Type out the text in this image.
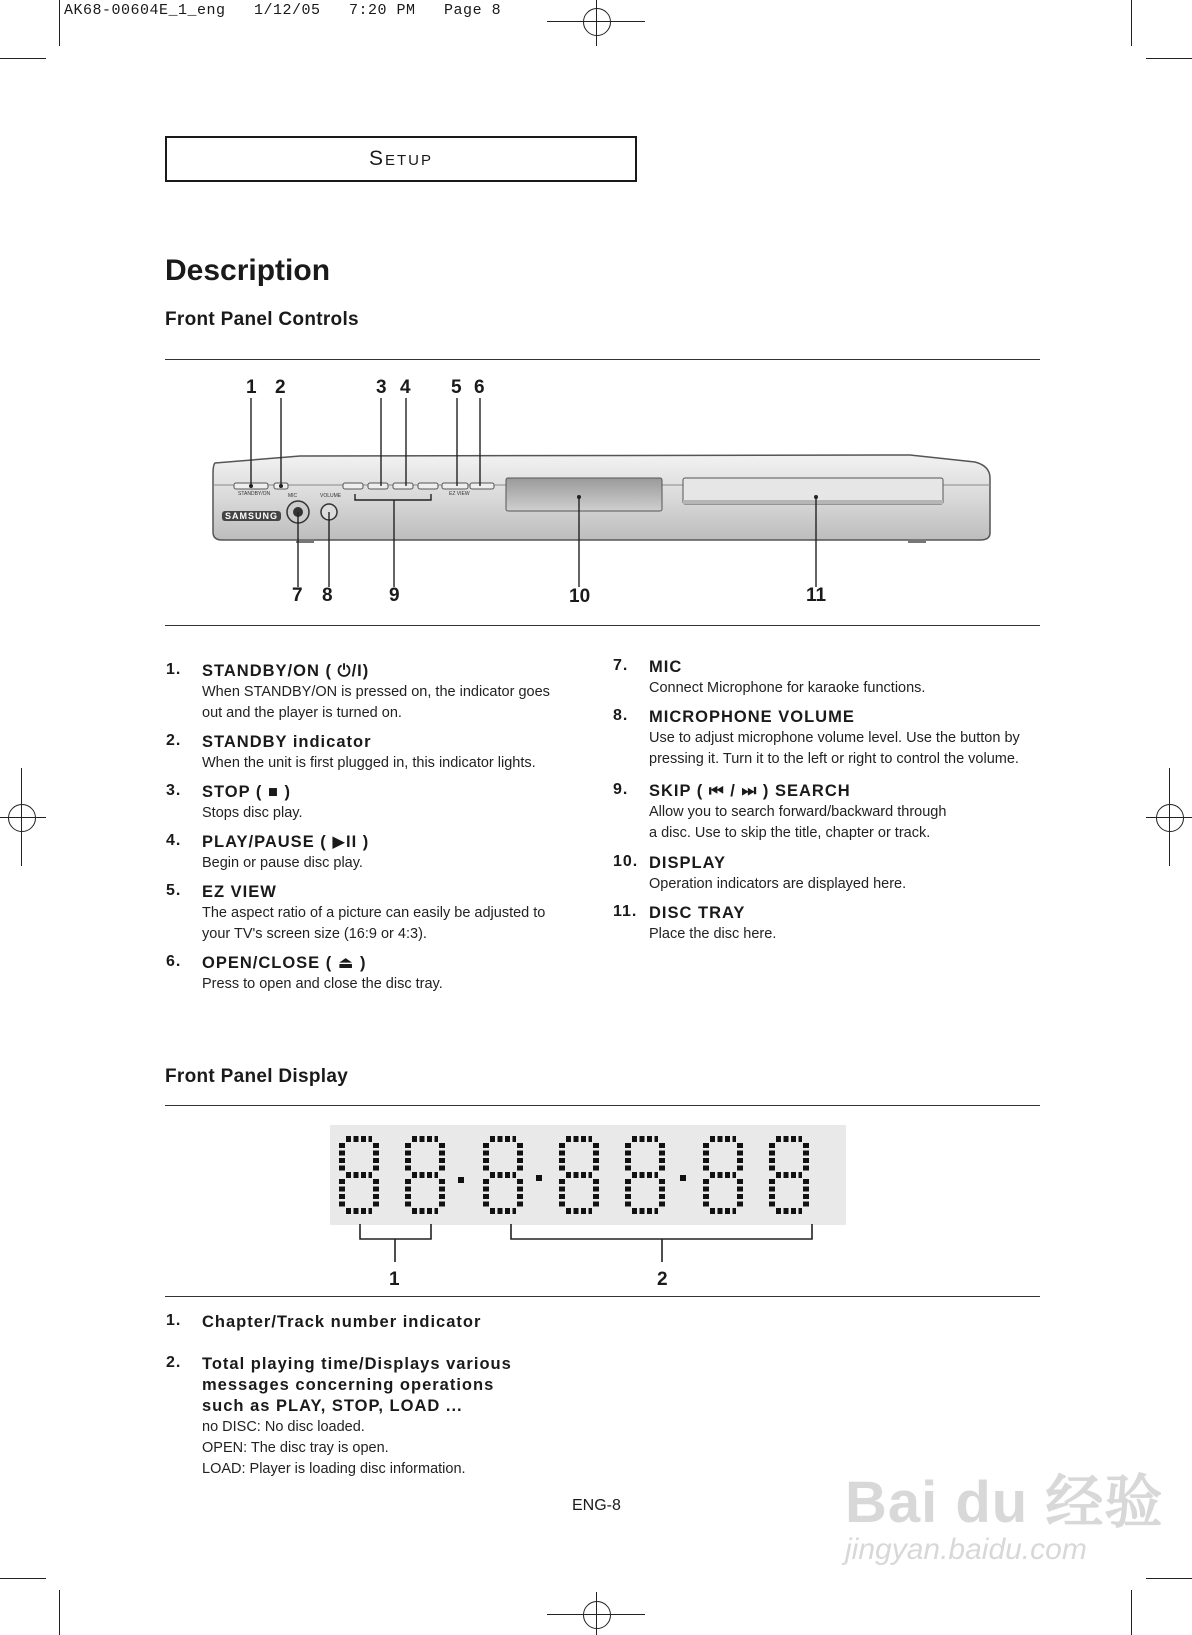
AK68-00604E_1_eng   1/12/05   7:20 PM   Page 8
Setup
Description
Front Panel Controls
1 2	3 4 5 6
SAMSUNG
STANDBY/ON	MIC	VOLUME	EZ VIEW
7 8	9	10	11
1.	STANDBY/ON ( ⏻/I)
When STANDBY/ON is pressed on, the indicator goes
out and the player is turned on.
2.	STANDBY indicator
When the unit is first plugged in, this indicator lights.
3.	STOP ( ■ )
Stops disc play.
4.	PLAY/PAUSE ( ▶II )
Begin or pause disc play.
5.	EZ VIEW
The aspect ratio of a picture can easily be adjusted to
your TV's screen size (16:9 or 4:3).
6.	OPEN/CLOSE ( ⏏ )
Press to open and close the disc tray.
7.	MIC
Connect Microphone for karaoke functions.
8.	MICROPHONE VOLUME
Use to adjust microphone volume level. Use the button by
pressing it. Turn it to the left or right to control the volume.
9.	SKIP ( ⏮ / ⏭ ) SEARCH
Allow you to search forward/backward through
a disc. Use to skip the title, chapter or track.
10. DISPLAY
Operation indicators are displayed here.
11. DISC TRAY
Place the disc here.
Front Panel Display
1	2
1.	Chapter/Track number indicator
2.	Total playing time/Displays various
messages concerning operations
such as PLAY, STOP, LOAD ...
no DISC: No disc loaded.
OPEN: The disc tray is open.
LOAD: Player is loading disc information.
ENG-8	Bai du 经验
jingyan.baidu.com
